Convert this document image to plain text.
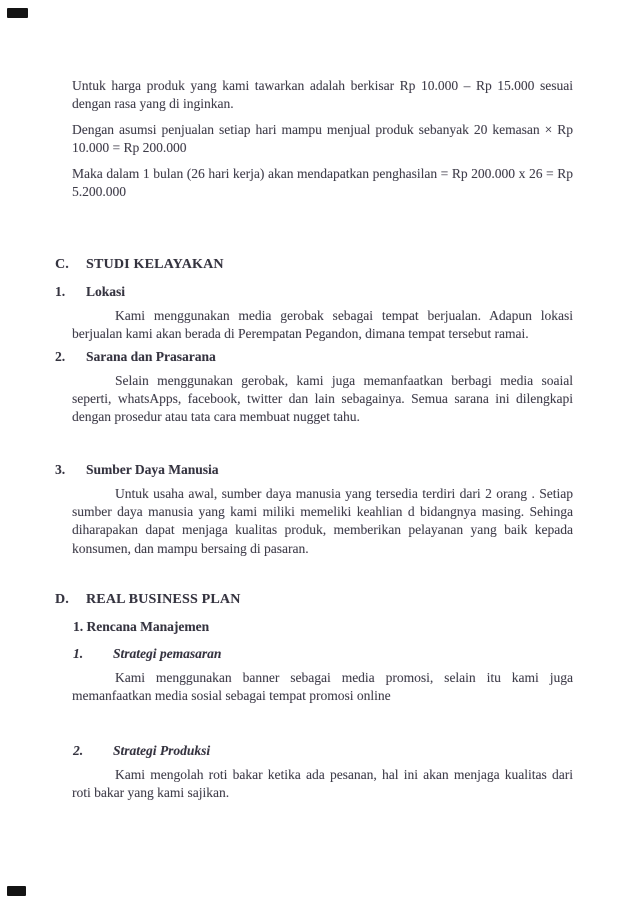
Untuk harga produk yang kami tawarkan adalah berkisar Rp 10.000 – Rp 15.000 sesuai dengan rasa yang di inginkan.

Dengan asumsi penjualan setiap hari mampu menjual produk sebanyak 20 kemasan × Rp 10.000 = Rp 200.000

Maka dalam 1 bulan (26 hari kerja) akan mendapatkan penghasilan = Rp 200.000 x 26 = Rp 5.200.000

C.	STUDI KELAYAKAN
1.	Lokasi

Kami menggunakan media gerobak sebagai tempat berjualan. Adapun lokasi berjualan kami akan berada di Perempatan Pegandon, dimana tempat tersebut ramai.

2.	Sarana dan Prasarana

Selain menggunakan gerobak, kami juga memanfaatkan berbagi media soaial seperti, whatsApps, facebook, twitter dan lain sebagainya. Semua sarana ini dilengkapi dengan prosedur atau tata cara membuat nugget tahu.

3.	Sumber Daya Manusia

Untuk usaha awal, sumber daya manusia yang tersedia terdiri dari 2 orang . Setiap sumber daya manusia yang kami miliki memeliki keahlian d bidangnya masing. Sehinga diharapakan dapat menjaga kualitas produk, memberikan pelayanan yang baik kepada konsumen, dan mampu bersaing di pasaran.

D.	REAL BUSINESS PLAN
1. Rencana Manajemen
1.	Strategi pemasaran

Kami menggunakan banner sebagai media promosi, selain itu kami juga memanfaatkan media sosial sebagai tempat promosi online

2.	Strategi Produksi

Kami mengolah roti bakar ketika ada pesanan, hal ini akan menjaga kualitas dari roti bakar yang kami sajikan.
